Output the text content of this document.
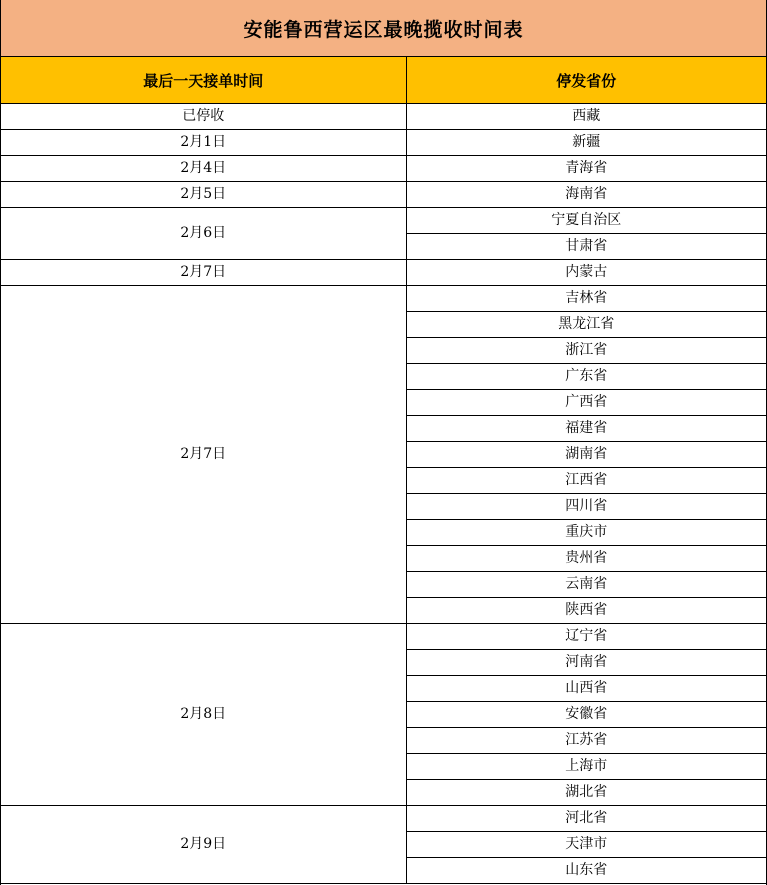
安能鲁西营运区最晚揽收时间表
最后一天接单时间	停发省份
已停收	西藏
2月1日	新疆
2月4日	青海省
2月5日	海南省
2月6日	宁夏自治区
	甘肃省
2月7日	内蒙古
2月7日	吉林省
	黑龙江省
	浙江省
	广东省
	广西省
	福建省
	湖南省
	江西省
	四川省
	重庆市
	贵州省
	云南省
	陕西省
2月8日	辽宁省
	河南省
	山西省
	安徽省
	江苏省
	上海市
	湖北省
2月9日	河北省
	天津市
	山东省
